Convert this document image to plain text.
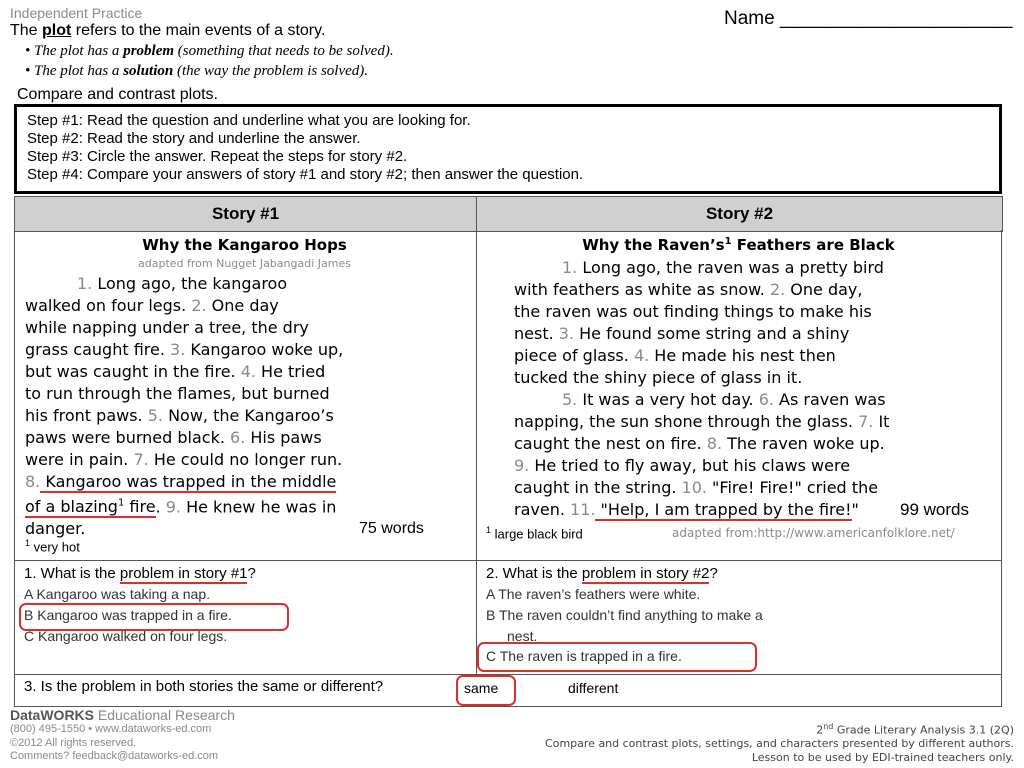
Independent Practice	Name ______________________
The plot refers to the main events of a story.
• The plot has a problem (something that needs to be solved).
• The plot has a solution (the way the problem is solved).
Compare and contrast plots.
Step #1: Read the question and underline what you are looking for.
Step #2: Read the story and underline the answer.
Step #3: Circle the answer. Repeat the steps for story #2.
Step #4: Compare your answers of story #1 and story #2; then answer the question.
Story #1	Story #2
Why the Kangaroo Hops
adapted from Nugget Jabangadi James
1. Long ago, the kangaroo
walked on four legs. 2. One day
while napping under a tree, the dry
grass caught fire. 3. Kangaroo woke up,
but was caught in the fire. 4. He tried
to run through the flames, but burned
his front paws. 5. Now, the Kangaroo’s
paws were burned black. 6. His paws
were in pain. 7. He could no longer run.
8. Kangaroo was trapped in the middle
of a blazing$^1$ fire. 9. He knew he was in
danger.	75 words
$^1$ very hot
Why the $Raven’s^1$ Feathers are Black
1. Long ago, the raven was a pretty bird
with feathers as white as snow. 2. One day,
the raven was out finding things to make his
nest. 3. He found some string and a shiny
piece of glass. 4. He made his nest then
tucked the shiny piece of glass in it.
5. It was a very hot day. 6. As raven was
napping, the sun shone through the glass. 7. It
caught the nest on fire. 8. The raven woke up.
9. He tried to fly away, but his claws were
caught in the string. 10. "Fire! Fire!" cried the
raven. 11. "Help, I am trapped by the fire!" 99 words
$^1$ large black bird	adapted from:http://www.americanfolklore.net/
1. What is the problem in story #1?
A Kangaroo was taking a nap.
B Kangaroo was trapped in a fire.
C Kangaroo walked on four legs.
2. What is the problem in story #2?
A The raven’s feathers were white.
B The raven couldn’t find anything to make a
nest.
C The raven is trapped in a fire.
3. Is the problem in both stories the same or different?	same	different
DataWORKS Educational Research
(800) 495-1550 • www.dataworks-ed.com
©2012 All rights reserved.
Comments? feedback@dataworks-ed.com
2nd Grade Literary Analysis 3.1 (2Q)
Compare and contrast plots, settings, and characters presented by different authors.
Lesson to be used by EDI-trained teachers only.
